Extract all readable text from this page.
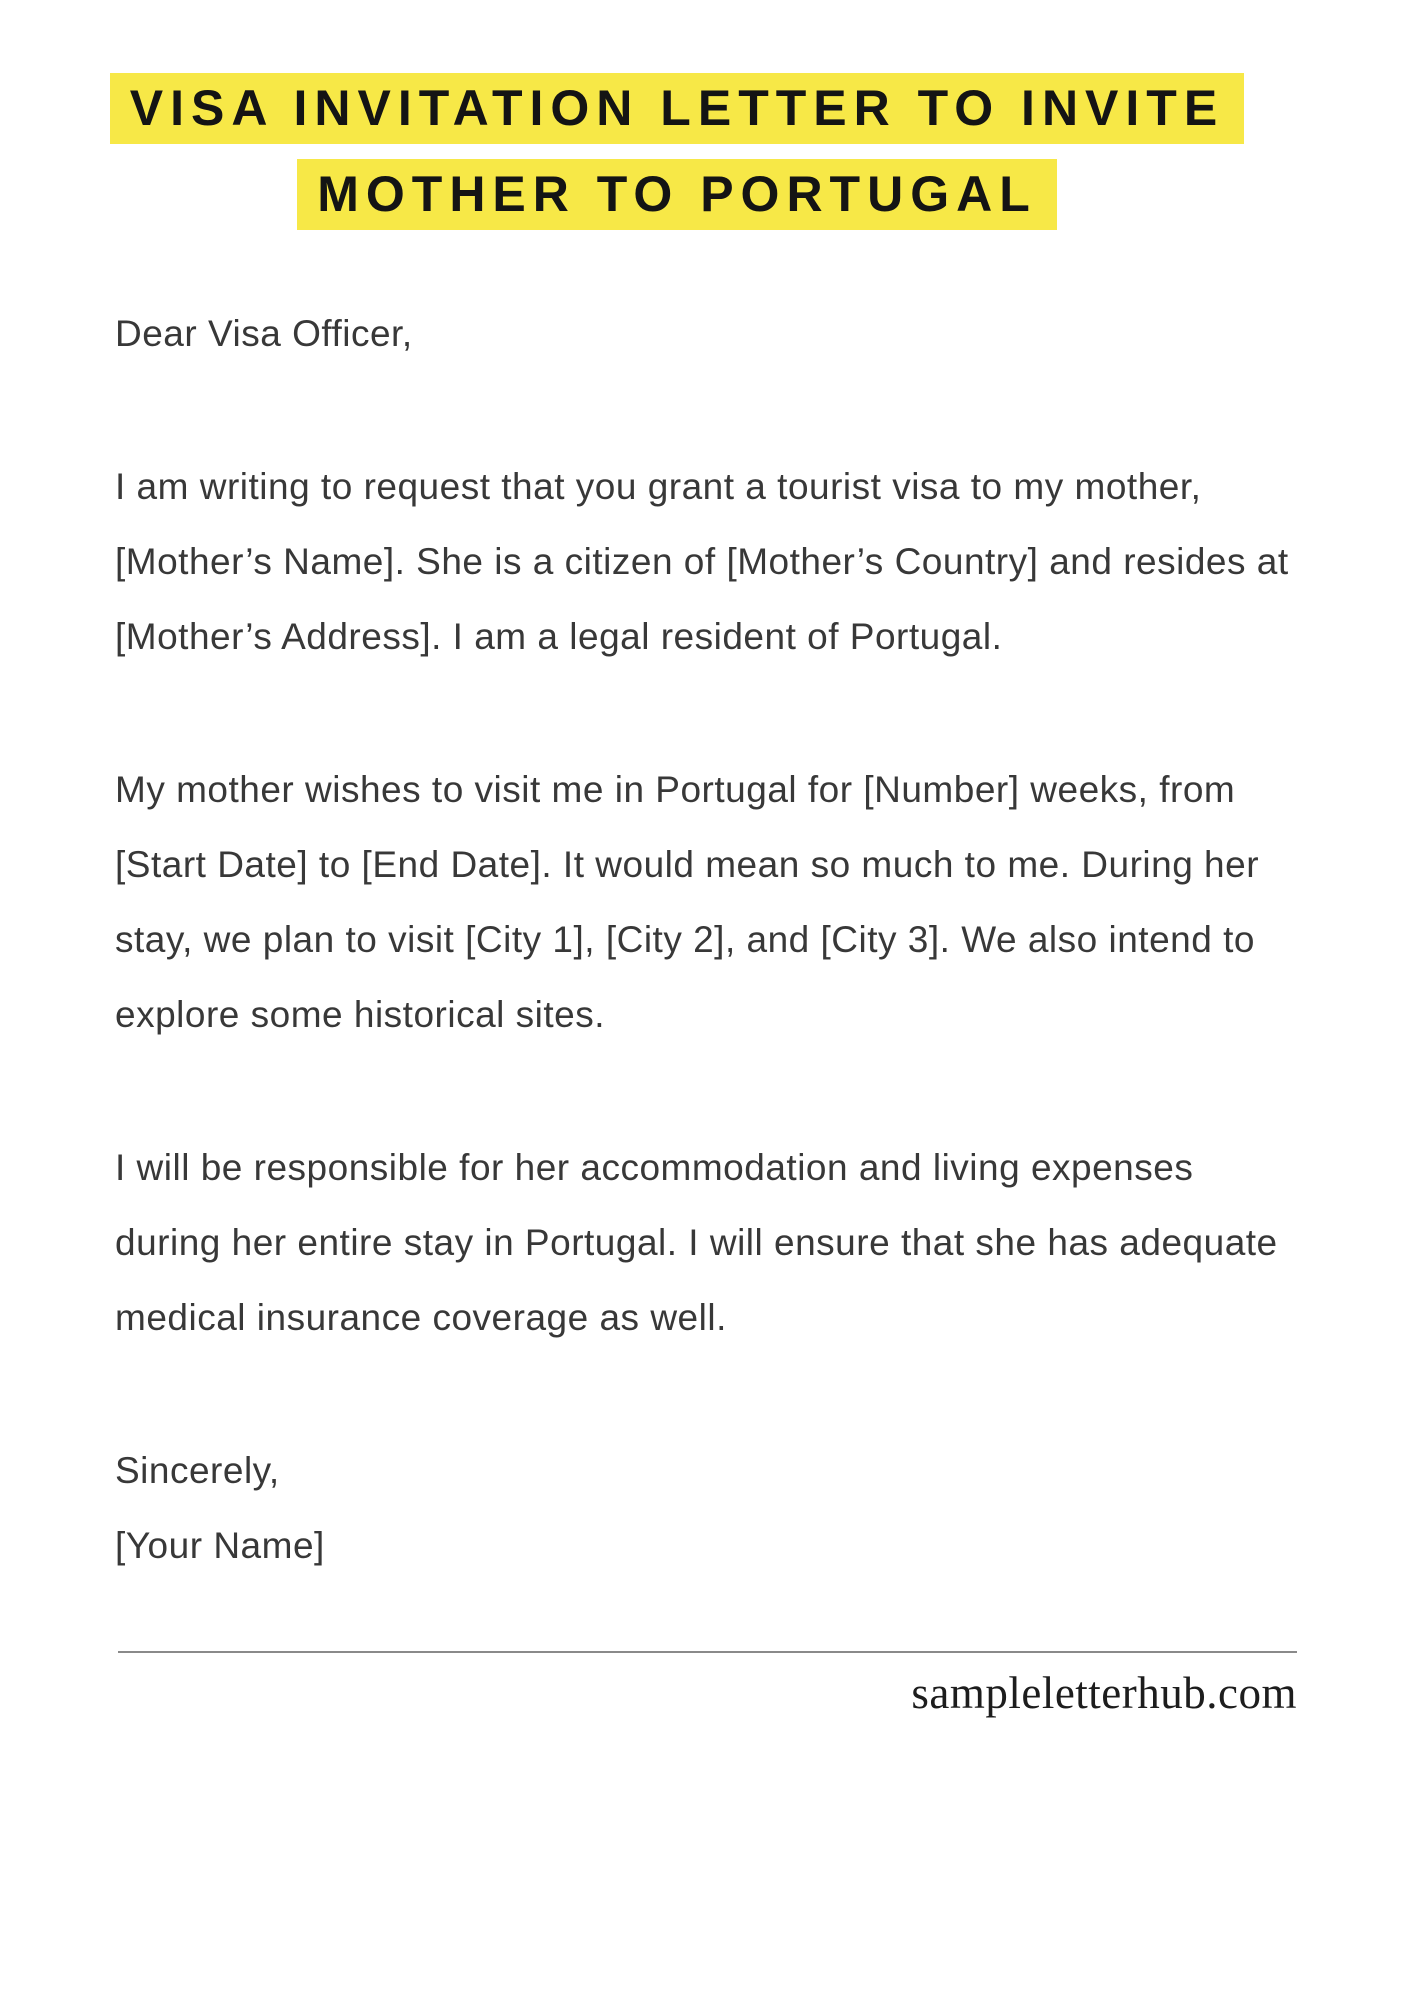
VISA INVITATION LETTER TO INVITE
MOTHER TO PORTUGAL

Dear Visa Officer,

I am writing to request that you grant a tourist visa to my mother, [Mother’s Name]. She is a citizen of [Mother’s Country] and resides at [Mother’s Address]. I am a legal resident of Portugal.

My mother wishes to visit me in Portugal for [Number] weeks, from [Start Date] to [End Date]. It would mean so much to me. During her stay, we plan to visit [City 1], [City 2], and [City 3]. We also intend to explore some historical sites.

I will be responsible for her accommodation and living expenses during her entire stay in Portugal. I will ensure that she has adequate medical insurance coverage as well.

Sincerely,
[Your Name]
sampleletterhub.com
